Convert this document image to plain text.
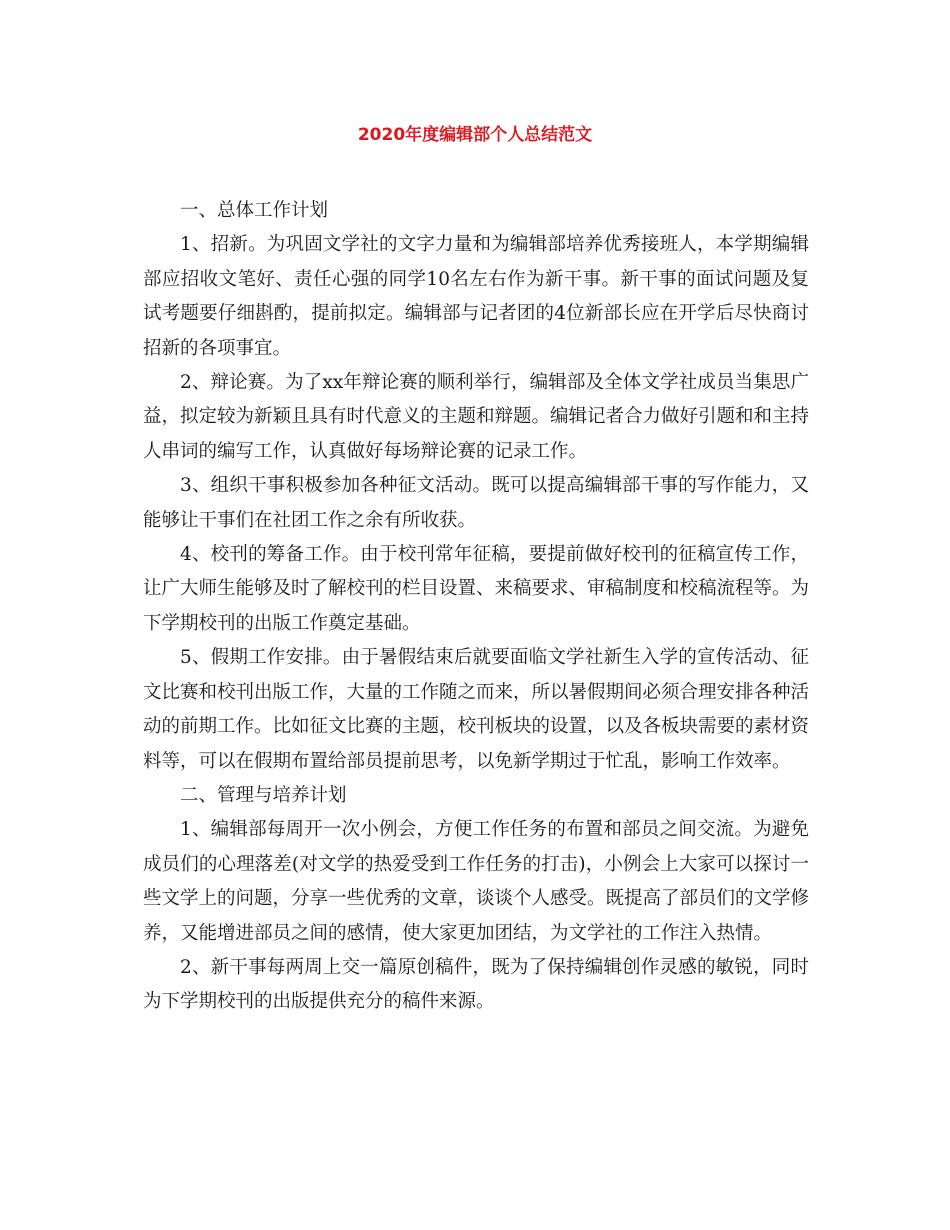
2020年度编辑部个人总结范文

一、总体工作计划

1、招新。为巩固文学社的文字力量和为编辑部培养优秀接班人，本学期编辑部应招收文笔好、责任心强的同学10名左右作为新干事。新干事的面试问题及复试考题要仔细斟酌，提前拟定。编辑部与记者团的4位新部长应在开学后尽快商讨招新的各项事宜。

2、辩论赛。为了xx年辩论赛的顺利举行，编辑部及全体文学社成员当集思广益，拟定较为新颖且具有时代意义的主题和辩题。编辑记者合力做好引题和和主持人串词的编写工作，认真做好每场辩论赛的记录工作。

3、组织干事积极参加各种征文活动。既可以提高编辑部干事的写作能力，又能够让干事们在社团工作之余有所收获。

4、校刊的筹备工作。由于校刊常年征稿，要提前做好校刊的征稿宣传工作，让广大师生能够及时了解校刊的栏目设置、来稿要求、审稿制度和校稿流程等。为下学期校刊的出版工作奠定基础。

5、假期工作安排。由于暑假结束后就要面临文学社新生入学的宣传活动、征文比赛和校刊出版工作，大量的工作随之而来，所以暑假期间必须合理安排各种活动的前期工作。比如征文比赛的主题，校刊板块的设置，以及各板块需要的素材资料等，可以在假期布置给部员提前思考，以免新学期过于忙乱，影响工作效率。

二、管理与培养计划

1、编辑部每周开一次小例会，方便工作任务的布置和部员之间交流。为避免成员们的心理落差(对文学的热爱受到工作任务的打击)，小例会上大家可以探讨一些文学上的问题，分享一些优秀的文章，谈谈个人感受。既提高了部员们的文学修养，又能增进部员之间的感情，使大家更加团结，为文学社的工作注入热情。

2、新干事每两周上交一篇原创稿件，既为了保持编辑创作灵感的敏锐，同时为下学期校刊的出版提供充分的稿件来源。
